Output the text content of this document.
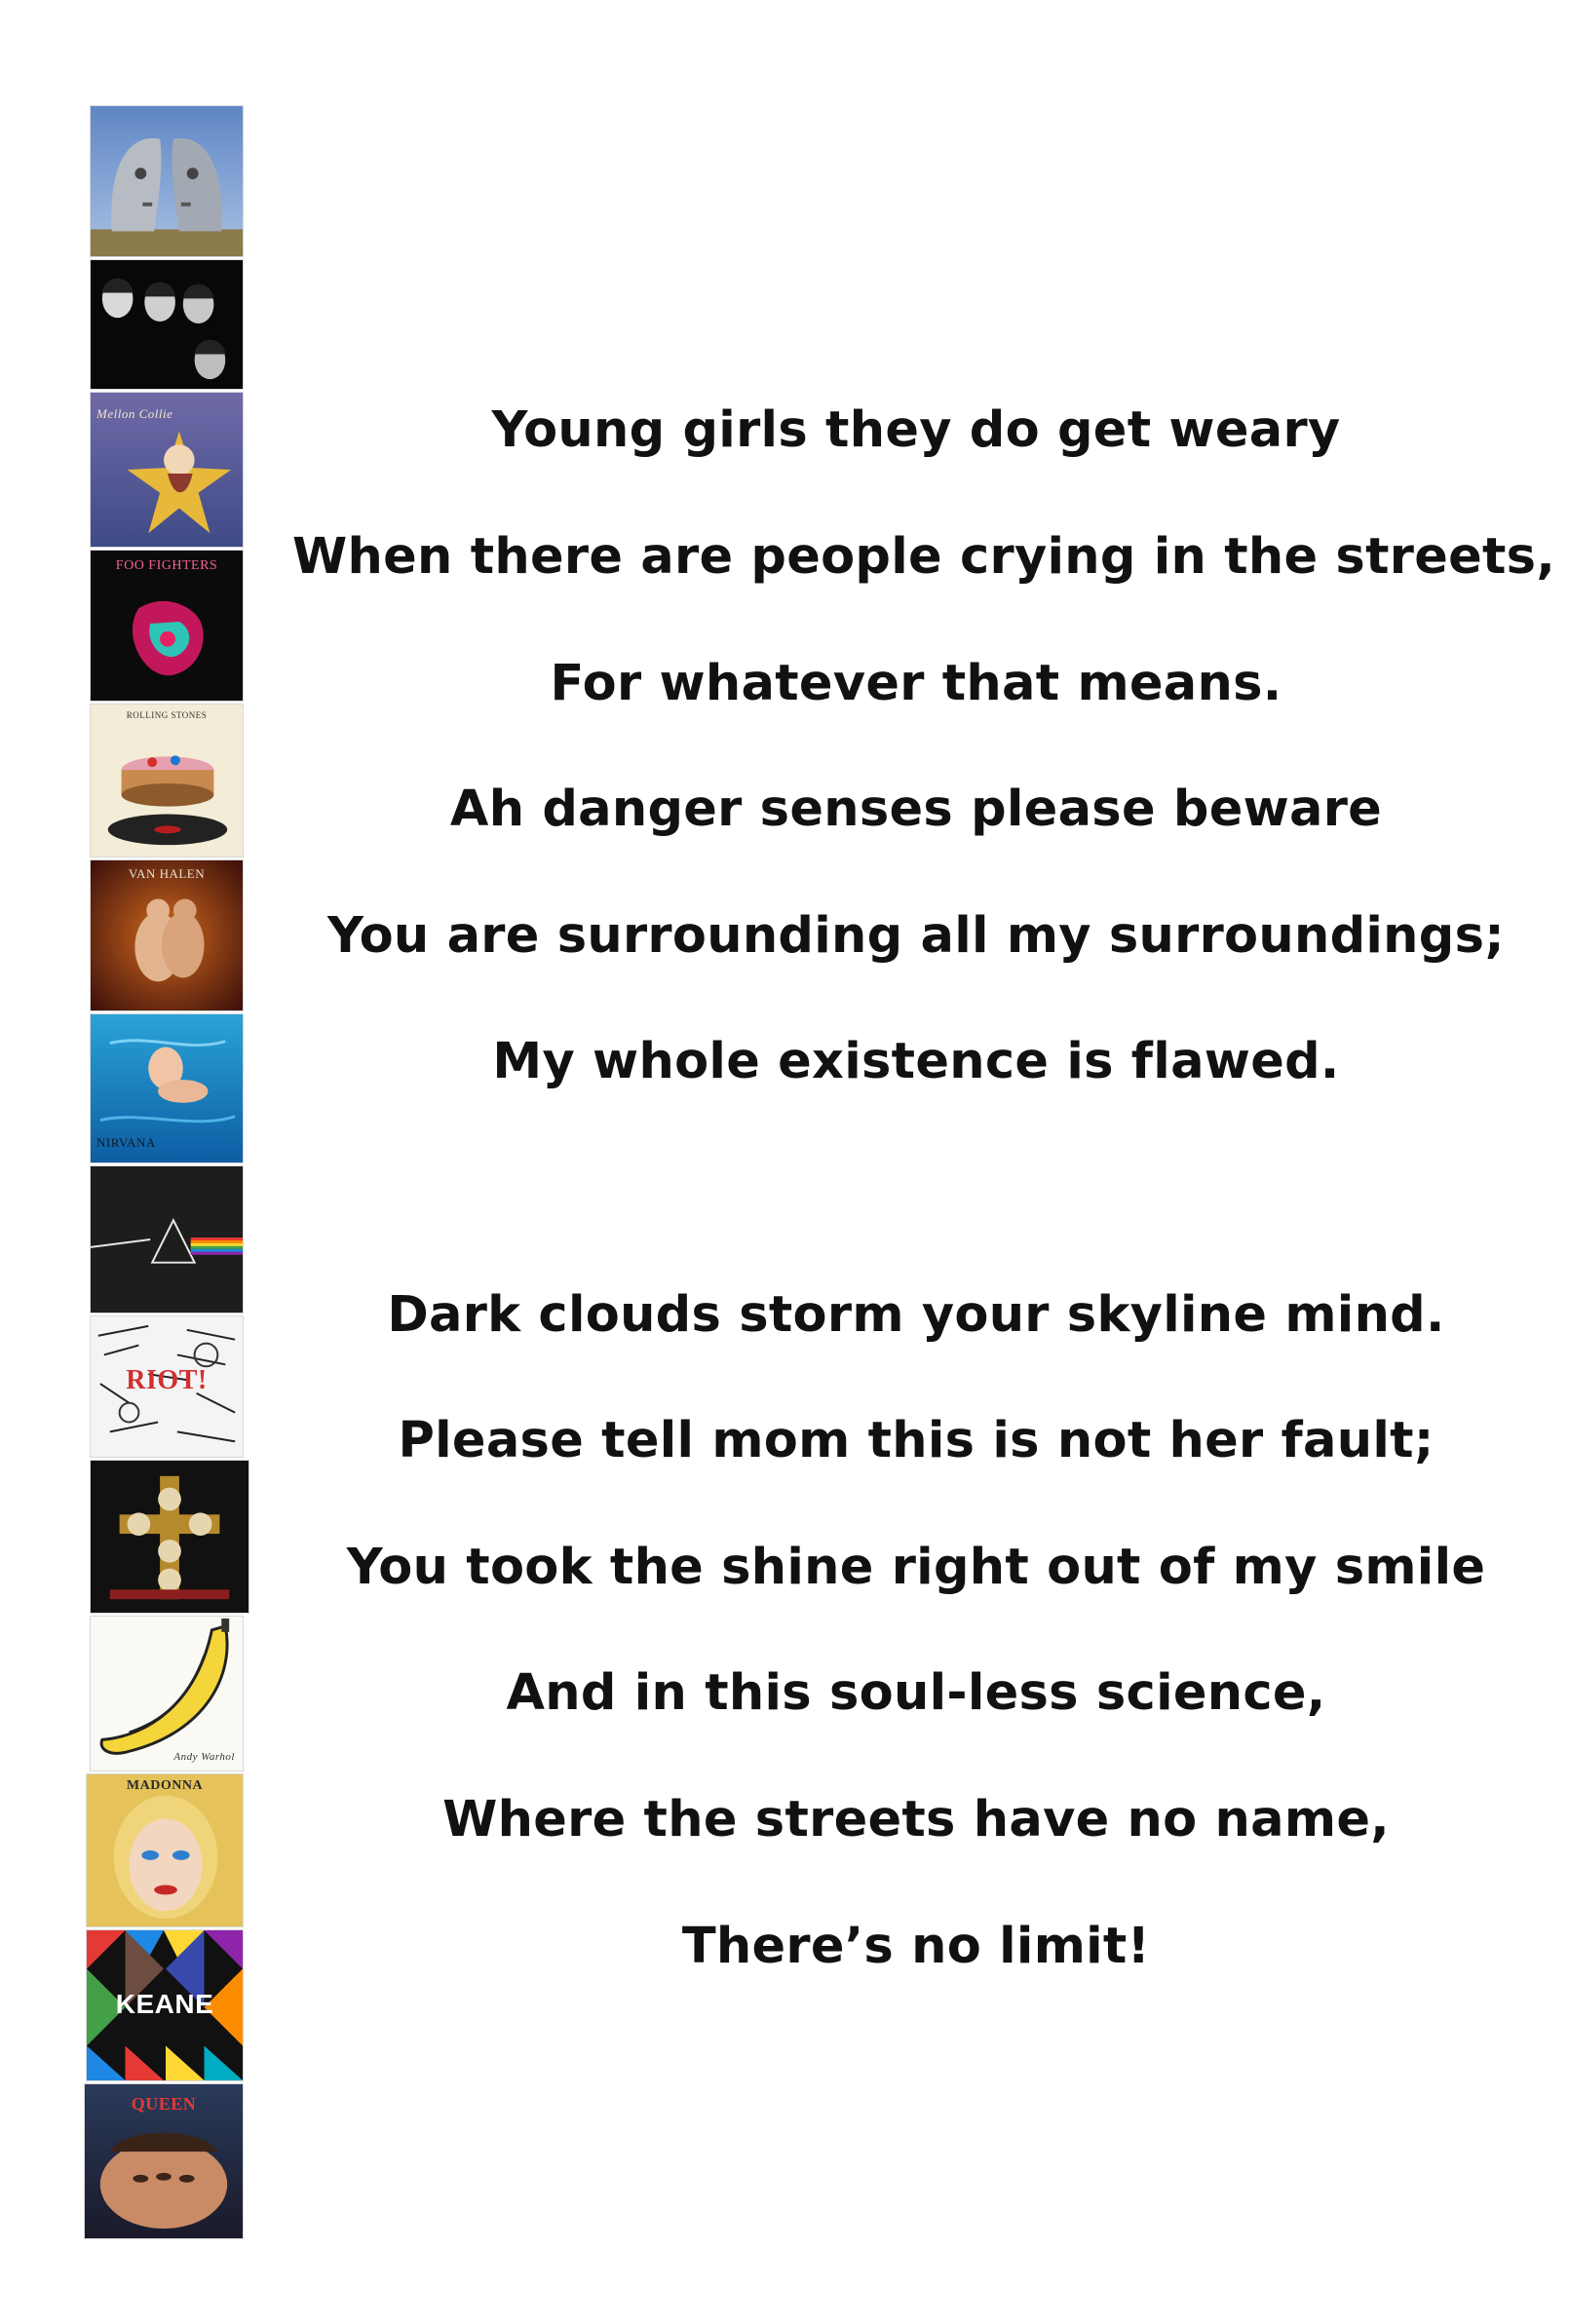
Mellon Collie
FOO FIGHTERS
ROLLING STONES
VAN HALEN
NIRVANA
RIOT!
Andy Warhol
MADONNA
KEANE
QUEEN
Young girls they do get weary
When there are people crying in the streets,
For whatever that means.
Ah danger senses please beware
You are surrounding all my surroundings;
My whole existence is flawed.
Dark clouds storm your skyline mind.
Please tell mom this is not her fault;
You took the shine right out of my smile
And in this soul-less science,
Where the streets have no name,
There’s no limit!
